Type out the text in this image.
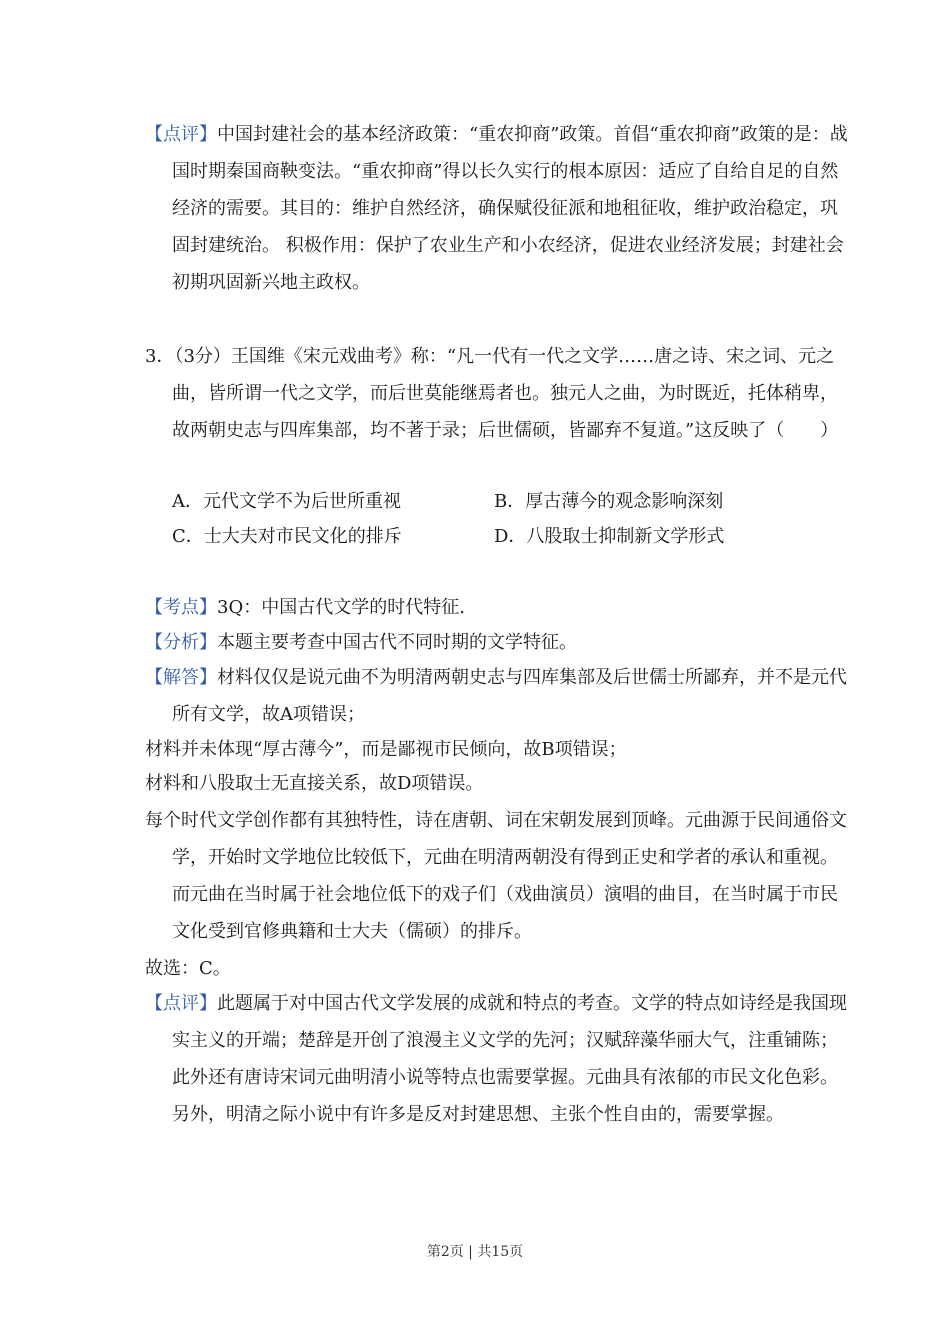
【点评】中国封建社会的基本经济政策：“重农抑商”政策。首倡“重农抑商”政策的是：战国时期秦国商鞅变法。“重农抑商”得以长久实行的根本原因：适应了自给自足的自然经济的需要。其目的：维护自然经济，确保赋役征派和地租征收，维护政治稳定，巩固封建统治。 积极作用：保护了农业生产和小农经济，促进农业经济发展；封建社会初期巩固新兴地主政权。
3．（3分）王国维《宋元戏曲考》称：“凡一代有一代之文学……唐之诗、宋之词、元之曲，皆所谓一代之文学，而后世莫能继焉者也。独元人之曲，为时既近，托体稍卑，故两朝史志与四库集部，均不著于录；后世儒硕，皆鄙弃不复道。”这反映了（　　）
A．元代文学不为后世所重视	B．厚古薄今的观念影响深刻
C．士大夫对市民文化的排斥	D．八股取士抑制新文学形式
【考点】3Q：中国古代文学的时代特征.
【分析】本题主要考查中国古代不同时期的文学特征。
【解答】材料仅仅是说元曲不为明清两朝史志与四库集部及后世儒士所鄙弃，并不是元代所有文学，故A项错误；
材料并未体现“厚古薄今”，而是鄙视市民倾向，故B项错误；
材料和八股取士无直接关系，故D项错误。
每个时代文学创作都有其独特性，诗在唐朝、词在宋朝发展到顶峰。元曲源于民间通俗文学，开始时文学地位比较低下，元曲在明清两朝没有得到正史和学者的承认和重视。而元曲在当时属于社会地位低下的戏子们（戏曲演员）演唱的曲目，在当时属于市民文化受到官修典籍和士大夫（儒硕）的排斥。
故选：C。
【点评】此题属于对中国古代文学发展的成就和特点的考查。文学的特点如诗经是我国现实主义的开端；楚辞是开创了浪漫主义文学的先河；汉赋辞藻华丽大气，注重铺陈；此外还有唐诗宋词元曲明清小说等特点也需要掌握。元曲具有浓郁的市民文化色彩。另外，明清之际小说中有许多是反对封建思想、主张个性自由的，需要掌握。
第2页 | 共15页
